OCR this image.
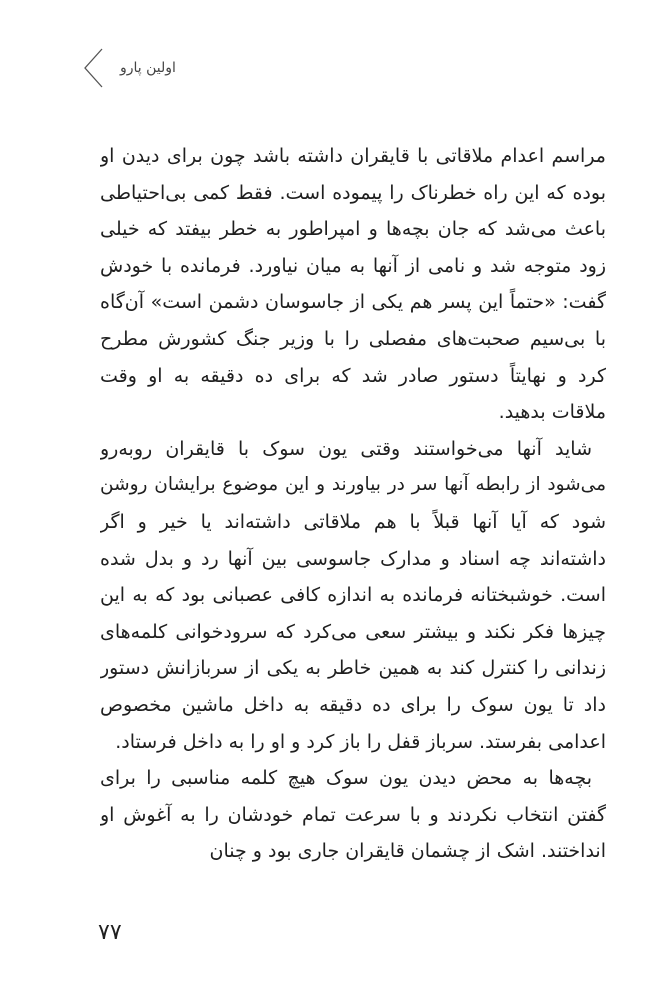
اولین پارو
مراسم اعدام ملاقاتی با قایقران داشته باشد چون برای دیدن او
بوده که این راه خطرناک را پیموده است. فقط کمی بی‌احتیاطی
باعث می‌شد که جان بچه‌ها و امپراطور به خطر بیفتد که خیلی
زود متوجه شد و نامی از آنها به میان نیاورد. فرمانده با خودش
گفت: «حتماً این پسر هم یکی از جاسوسان دشمن است» آن‌گاه
با بی‌سیم صحبت‌های مفصلی را با وزیر جنگ کشورش مطرح
کرد و نهایتاً دستور صادر شد که برای ده دقیقه به او وقت
ملاقات بدهید.
شاید آنها می‌خواستند وقتی یون سوک با قایقران روبه‌رو
می‌شود از رابطه آنها سر در بیاورند و این موضوع برایشان روشن
شود که آیا آنها قبلاً با هم ملاقاتی داشته‌اند یا خیر و اگر
داشته‌اند چه اسناد و مدارک جاسوسی بین آنها رد و بدل شده
است. خوشبختانه فرمانده به اندازه کافی عصبانی بود که به این
چیزها فکر نکند و بیشتر سعی می‌کرد که سرودخوانی کلمه‌های
زندانی را کنترل کند به همین خاطر به یکی از سربازانش دستور
داد تا یون سوک را برای ده دقیقه به داخل ماشین مخصوص
اعدامی بفرستد. سرباز قفل را باز کرد و او را به داخل فرستاد.
بچه‌ها به محض دیدن یون سوک هیچ کلمه مناسبی را برای
گفتن انتخاب نکردند و با سرعت تمام خودشان را به آغوش او
انداختند. اشک از چشمان قایقران جاری بود و چنان
۷۷
